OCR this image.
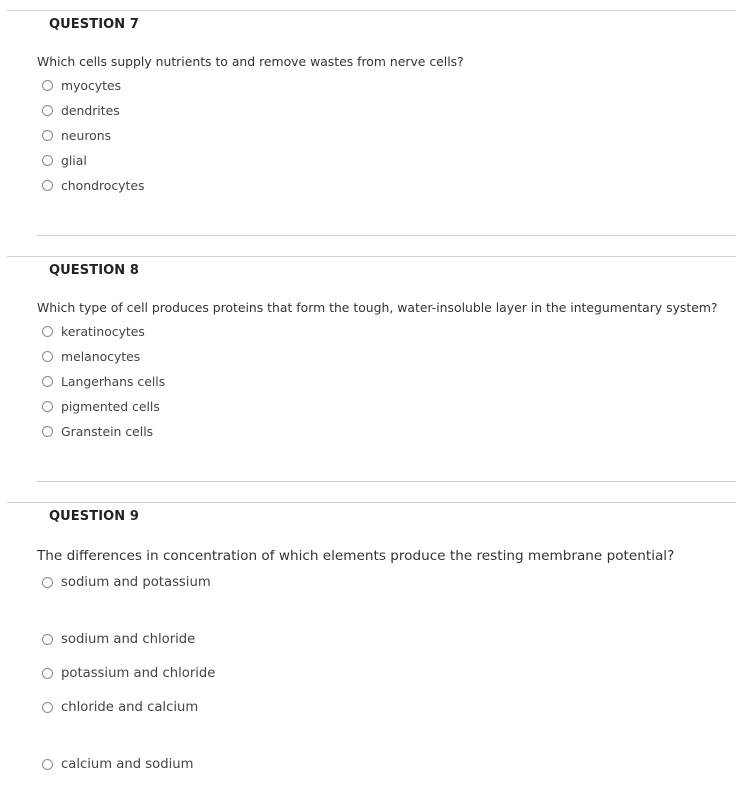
QUESTION 7
Which cells supply nutrients to and remove wastes from nerve cells?
myocytes
dendrites
neurons
glial
chondrocytes
QUESTION 8
Which type of cell produces proteins that form the tough, water-insoluble layer in the integumentary system?
keratinocytes
melanocytes
Langerhans cells
pigmented cells
Granstein cells
QUESTION 9
The differences in concentration of which elements produce the resting membrane potential?
sodium and potassium
sodium and chloride
potassium and chloride
chloride and calcium
calcium and sodium
